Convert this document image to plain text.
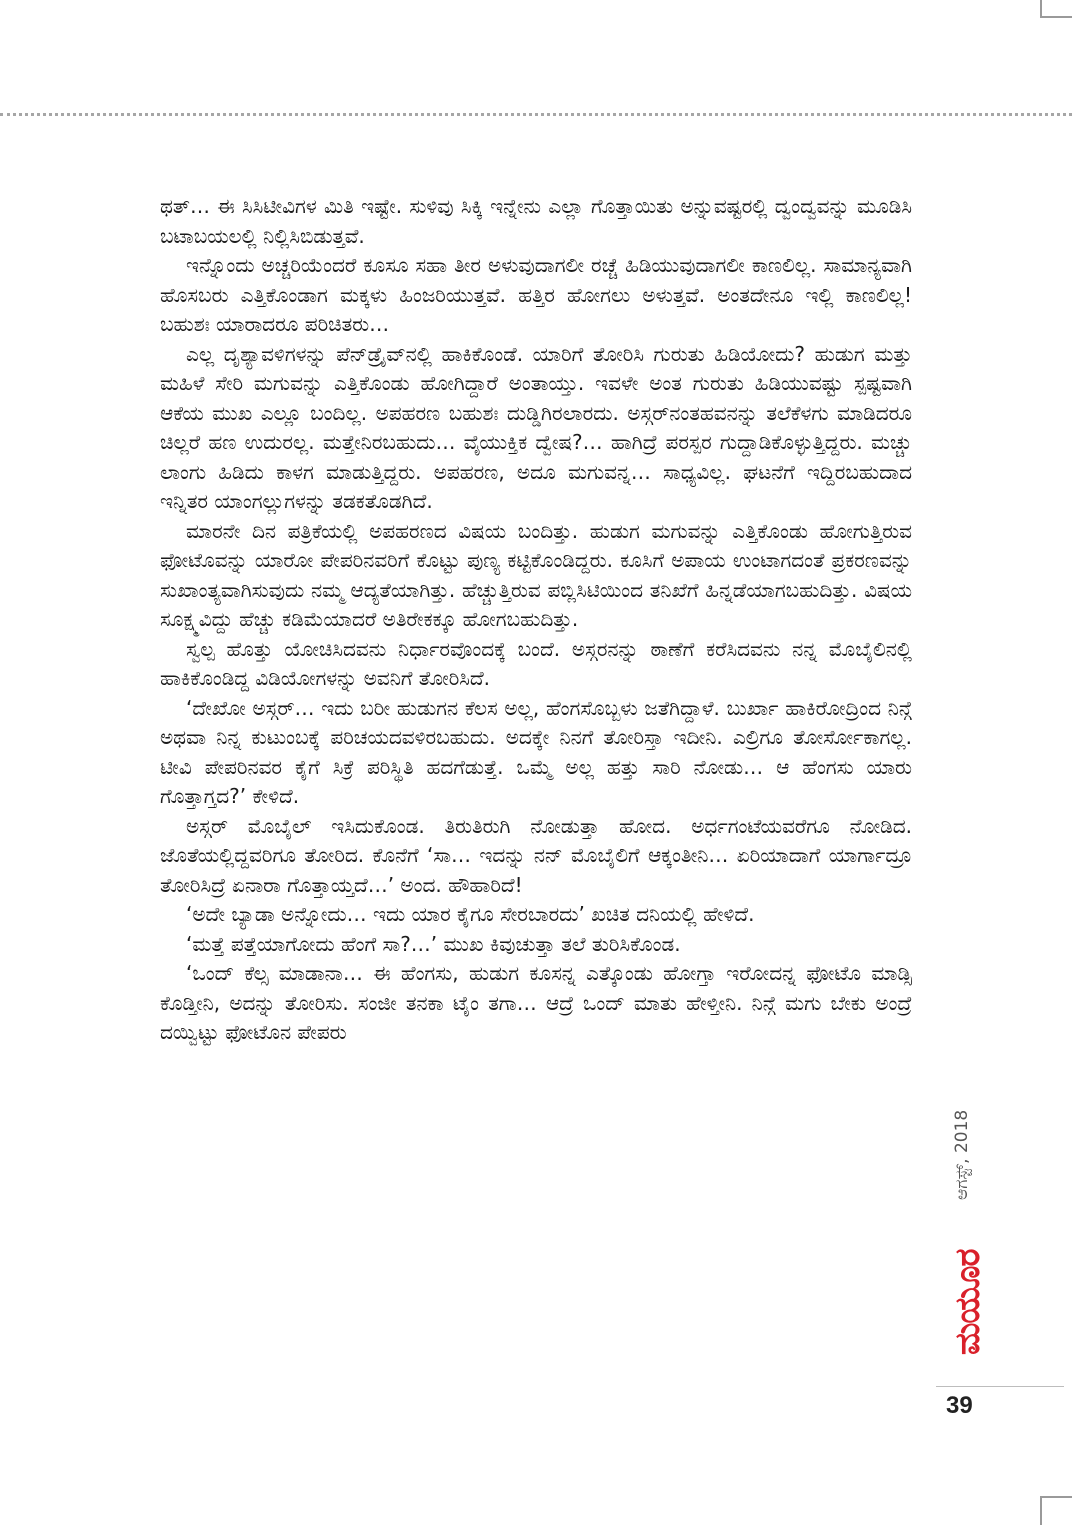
ಥತ್… ಈ ಸಿಸಿಟೀವಿಗಳ ಮಿತಿ ಇಷ್ಟೇ. ಸುಳಿವು ಸಿಕ್ಕಿ ಇನ್ನೇನು ಎಲ್ಲಾ ಗೊತ್ತಾಯಿತು ಅನ್ನುವಷ್ಟರಲ್ಲಿ ದ್ವಂದ್ವವನ್ನು ಮೂಡಿಸಿ ಬಟಾಬಯಲಲ್ಲಿ ನಿಲ್ಲಿಸಿಬಿಡುತ್ತವೆ.

ಇನ್ನೊಂದು ಅಚ್ಚರಿಯೆಂದರೆ ಕೂಸೂ ಸಹಾ ತೀರ ಅಳುವುದಾಗಲೀ ರಚ್ಚೆ ಹಿಡಿಯುವುದಾಗಲೀ ಕಾಣಲಿಲ್ಲ. ಸಾಮಾನ್ಯವಾಗಿ ಹೊಸಬರು ಎತ್ತಿಕೊಂಡಾಗ ಮಕ್ಕಳು ಹಿಂಜರಿಯುತ್ತವೆ. ಹತ್ತಿರ ಹೋಗಲು ಅಳುತ್ತವೆ. ಅಂತದೇನೂ ಇಲ್ಲಿ ಕಾಣಲಿಲ್ಲ! ಬಹುಶಃ ಯಾರಾದರೂ ಪರಿಚಿತರು…

ಎಲ್ಲ ದೃಶ್ಯಾವಳಿಗಳನ್ನು ಪೆನ್‌ಡ್ರೈವ್‌ನಲ್ಲಿ ಹಾಕಿಕೊಂಡೆ. ಯಾರಿಗೆ ತೋರಿಸಿ ಗುರುತು ಹಿಡಿಯೋದು? ಹುಡುಗ ಮತ್ತು ಮಹಿಳೆ ಸೇರಿ ಮಗುವನ್ನು ಎತ್ತಿಕೊಂಡು ಹೋಗಿದ್ದಾರೆ ಅಂತಾಯ್ತು. ಇವಳೇ ಅಂತ ಗುರುತು ಹಿಡಿಯುವಷ್ಟು ಸ್ಪಷ್ಟವಾಗಿ ಆಕೆಯ ಮುಖ ಎಲ್ಲೂ ಬಂದಿಲ್ಲ. ಅಪಹರಣ ಬಹುಶಃ ದುಡ್ಡಿಗಿರಲಾರದು. ಅಸ್ಗರ್‌ನಂತಹವನನ್ನು ತಲೆಕೆಳಗು ಮಾಡಿದರೂ ಚಿಲ್ಲರೆ ಹಣ ಉದುರಲ್ಲ. ಮತ್ತೇನಿರಬಹುದು… ವೈಯುಕ್ತಿಕ ದ್ವೇಷ?… ಹಾಗಿದ್ರೆ ಪರಸ್ಪರ ಗುದ್ದಾಡಿಕೊಳ್ಳುತ್ತಿದ್ದರು. ಮಚ್ಚು ಲಾಂಗು ಹಿಡಿದು ಕಾಳಗ ಮಾಡುತ್ತಿದ್ದರು. ಅಪಹರಣ, ಅದೂ ಮಗುವನ್ನ… ಸಾಧ್ಯವಿಲ್ಲ. ಘಟನೆಗೆ ಇದ್ದಿರಬಹುದಾದ ಇನ್ನಿತರ ಯಾಂಗಲ್ಲುಗಳನ್ನು ತಡಕತೊಡಗಿದೆ.

ಮಾರನೇ ದಿನ ಪತ್ರಿಕೆಯಲ್ಲಿ ಅಪಹರಣದ ವಿಷಯ ಬಂದಿತ್ತು. ಹುಡುಗ ಮಗುವನ್ನು ಎತ್ತಿಕೊಂಡು ಹೋಗುತ್ತಿರುವ ಫೋಟೊವನ್ನು ಯಾರೋ ಪೇಪರಿನವರಿಗೆ ಕೊಟ್ಟು ಪುಣ್ಯ ಕಟ್ಟಿಕೊಂಡಿದ್ದರು. ಕೂಸಿಗೆ ಅಪಾಯ ಉಂಟಾಗದಂತೆ ಪ್ರಕರಣವನ್ನು ಸುಖಾಂತ್ಯವಾಗಿಸುವುದು ನಮ್ಮ ಆದ್ಯತೆಯಾಗಿತ್ತು. ಹೆಚ್ಚುತ್ತಿರುವ ಪಬ್ಲಿಸಿಟಿಯಿಂದ ತನಿಖೆಗೆ ಹಿನ್ನಡೆಯಾಗಬಹುದಿತ್ತು. ವಿಷಯ ಸೂಕ್ಷ್ಮವಿದ್ದು ಹೆಚ್ಚು ಕಡಿಮೆಯಾದರೆ ಅತಿರೇಕಕ್ಕೂ ಹೋಗಬಹುದಿತ್ತು.

ಸ್ವಲ್ಪ ಹೊತ್ತು ಯೋಚಿಸಿದವನು ನಿರ್ಧಾರವೊಂದಕ್ಕೆ ಬಂದೆ. ಅಸ್ಗರನನ್ನು ಠಾಣೆಗೆ ಕರೆಸಿದವನು ನನ್ನ ಮೊಬೈಲಿನಲ್ಲಿ ಹಾಕಿಕೊಂಡಿದ್ದ ವಿಡಿಯೋಗಳನ್ನು ಅವನಿಗೆ ತೋರಿಸಿದೆ.

‘ದೇಖೋ ಅಸ್ಗರ್… ಇದು ಬರೀ ಹುಡುಗನ ಕೆಲಸ ಅಲ್ಲ, ಹೆಂಗಸೊಬ್ಬಳು ಜತೆಗಿದ್ದಾಳೆ. ಬುರ್ಖಾ ಹಾಕಿರೋದ್ರಿಂದ ನಿನ್ಗೆ ಅಥವಾ ನಿನ್ನ ಕುಟುಂಬಕ್ಕೆ ಪರಿಚಯದವಳಿರಬಹುದು. ಅದಕ್ಕೇ ನಿನಗೆ ತೋರಿಸ್ತಾ ಇದೀನಿ. ಎಲ್ರಿಗೂ ತೋರ್ಸೋಕಾಗಲ್ಲ. ಟೀವಿ ಪೇಪರಿನವರ ಕೈಗೆ ಸಿಕ್ರೆ ಪರಿಸ್ಥಿತಿ ಹದಗೆಡುತ್ತೆ. ಒಮ್ಮೆ ಅಲ್ಲ ಹತ್ತು ಸಾರಿ ನೋಡು… ಆ ಹೆಂಗಸು ಯಾರು ಗೊತ್ತಾಗ್ತದ?’ ಕೇಳಿದೆ.

ಅಸ್ಗರ್ ಮೊಬೈಲ್ ಇಸಿದುಕೊಂಡ. ತಿರುತಿರುಗಿ ನೋಡುತ್ತಾ ಹೋದ. ಅರ್ಧಗಂಟೆಯವರೆಗೂ ನೋಡಿದ. ಜೊತೆಯಲ್ಲಿದ್ದವರಿಗೂ ತೋರಿದ. ಕೊನೆಗೆ ‘ಸಾ… ಇದನ್ನು ನನ್ ಮೊಬೈಲಿಗೆ ಆಕ್ಕಂತೀನಿ… ಏರಿಯಾದಾಗೆ ಯಾರ್ಗಾದ್ರೂ ತೋರಿಸಿದ್ರೆ ಏನಾರಾ ಗೊತ್ತಾಯ್ತದೆ…’ ಅಂದ. ಹೌಹಾರಿದೆ!

‘ಅದೇ ಬ್ಯಾಡಾ ಅನ್ನೋದು… ಇದು ಯಾರ ಕೈಗೂ ಸೇರಬಾರದು’ ಖಚಿತ ದನಿಯಲ್ಲಿ ಹೇಳಿದೆ.

‘ಮತ್ತೆ ಪತ್ತೆಯಾಗೋದು ಹೆಂಗೆ ಸಾ?…’ ಮುಖ ಕಿವುಚುತ್ತಾ ತಲೆ ತುರಿಸಿಕೊಂಡ.

‘ಒಂದ್ ಕೆಲ್ಸ ಮಾಡಾನಾ… ಈ ಹೆಂಗಸು, ಹುಡುಗ ಕೂಸನ್ನ ಎತ್ಕೊಂಡು ಹೋಗ್ತಾ ಇರೋದನ್ನ ಫೋಟೊ ಮಾಡ್ಸಿ ಕೊಡ್ತೀನಿ, ಅದನ್ನು ತೋರಿಸು. ಸಂಜೀ ತನಕಾ ಟೈಂ ತಗಾ… ಆದ್ರೆ ಒಂದ್ ಮಾತು ಹೇಳ್ತೀನಿ. ನಿನ್ಗೆ ಮಗು ಬೇಕು ಅಂದ್ರೆ ದಯ್ವಿಟ್ಟು ಫೋಟೊನ ಪೇಪರು

ಆಗಸ್ಟ್, 2018
ಮಯೂರ
39
